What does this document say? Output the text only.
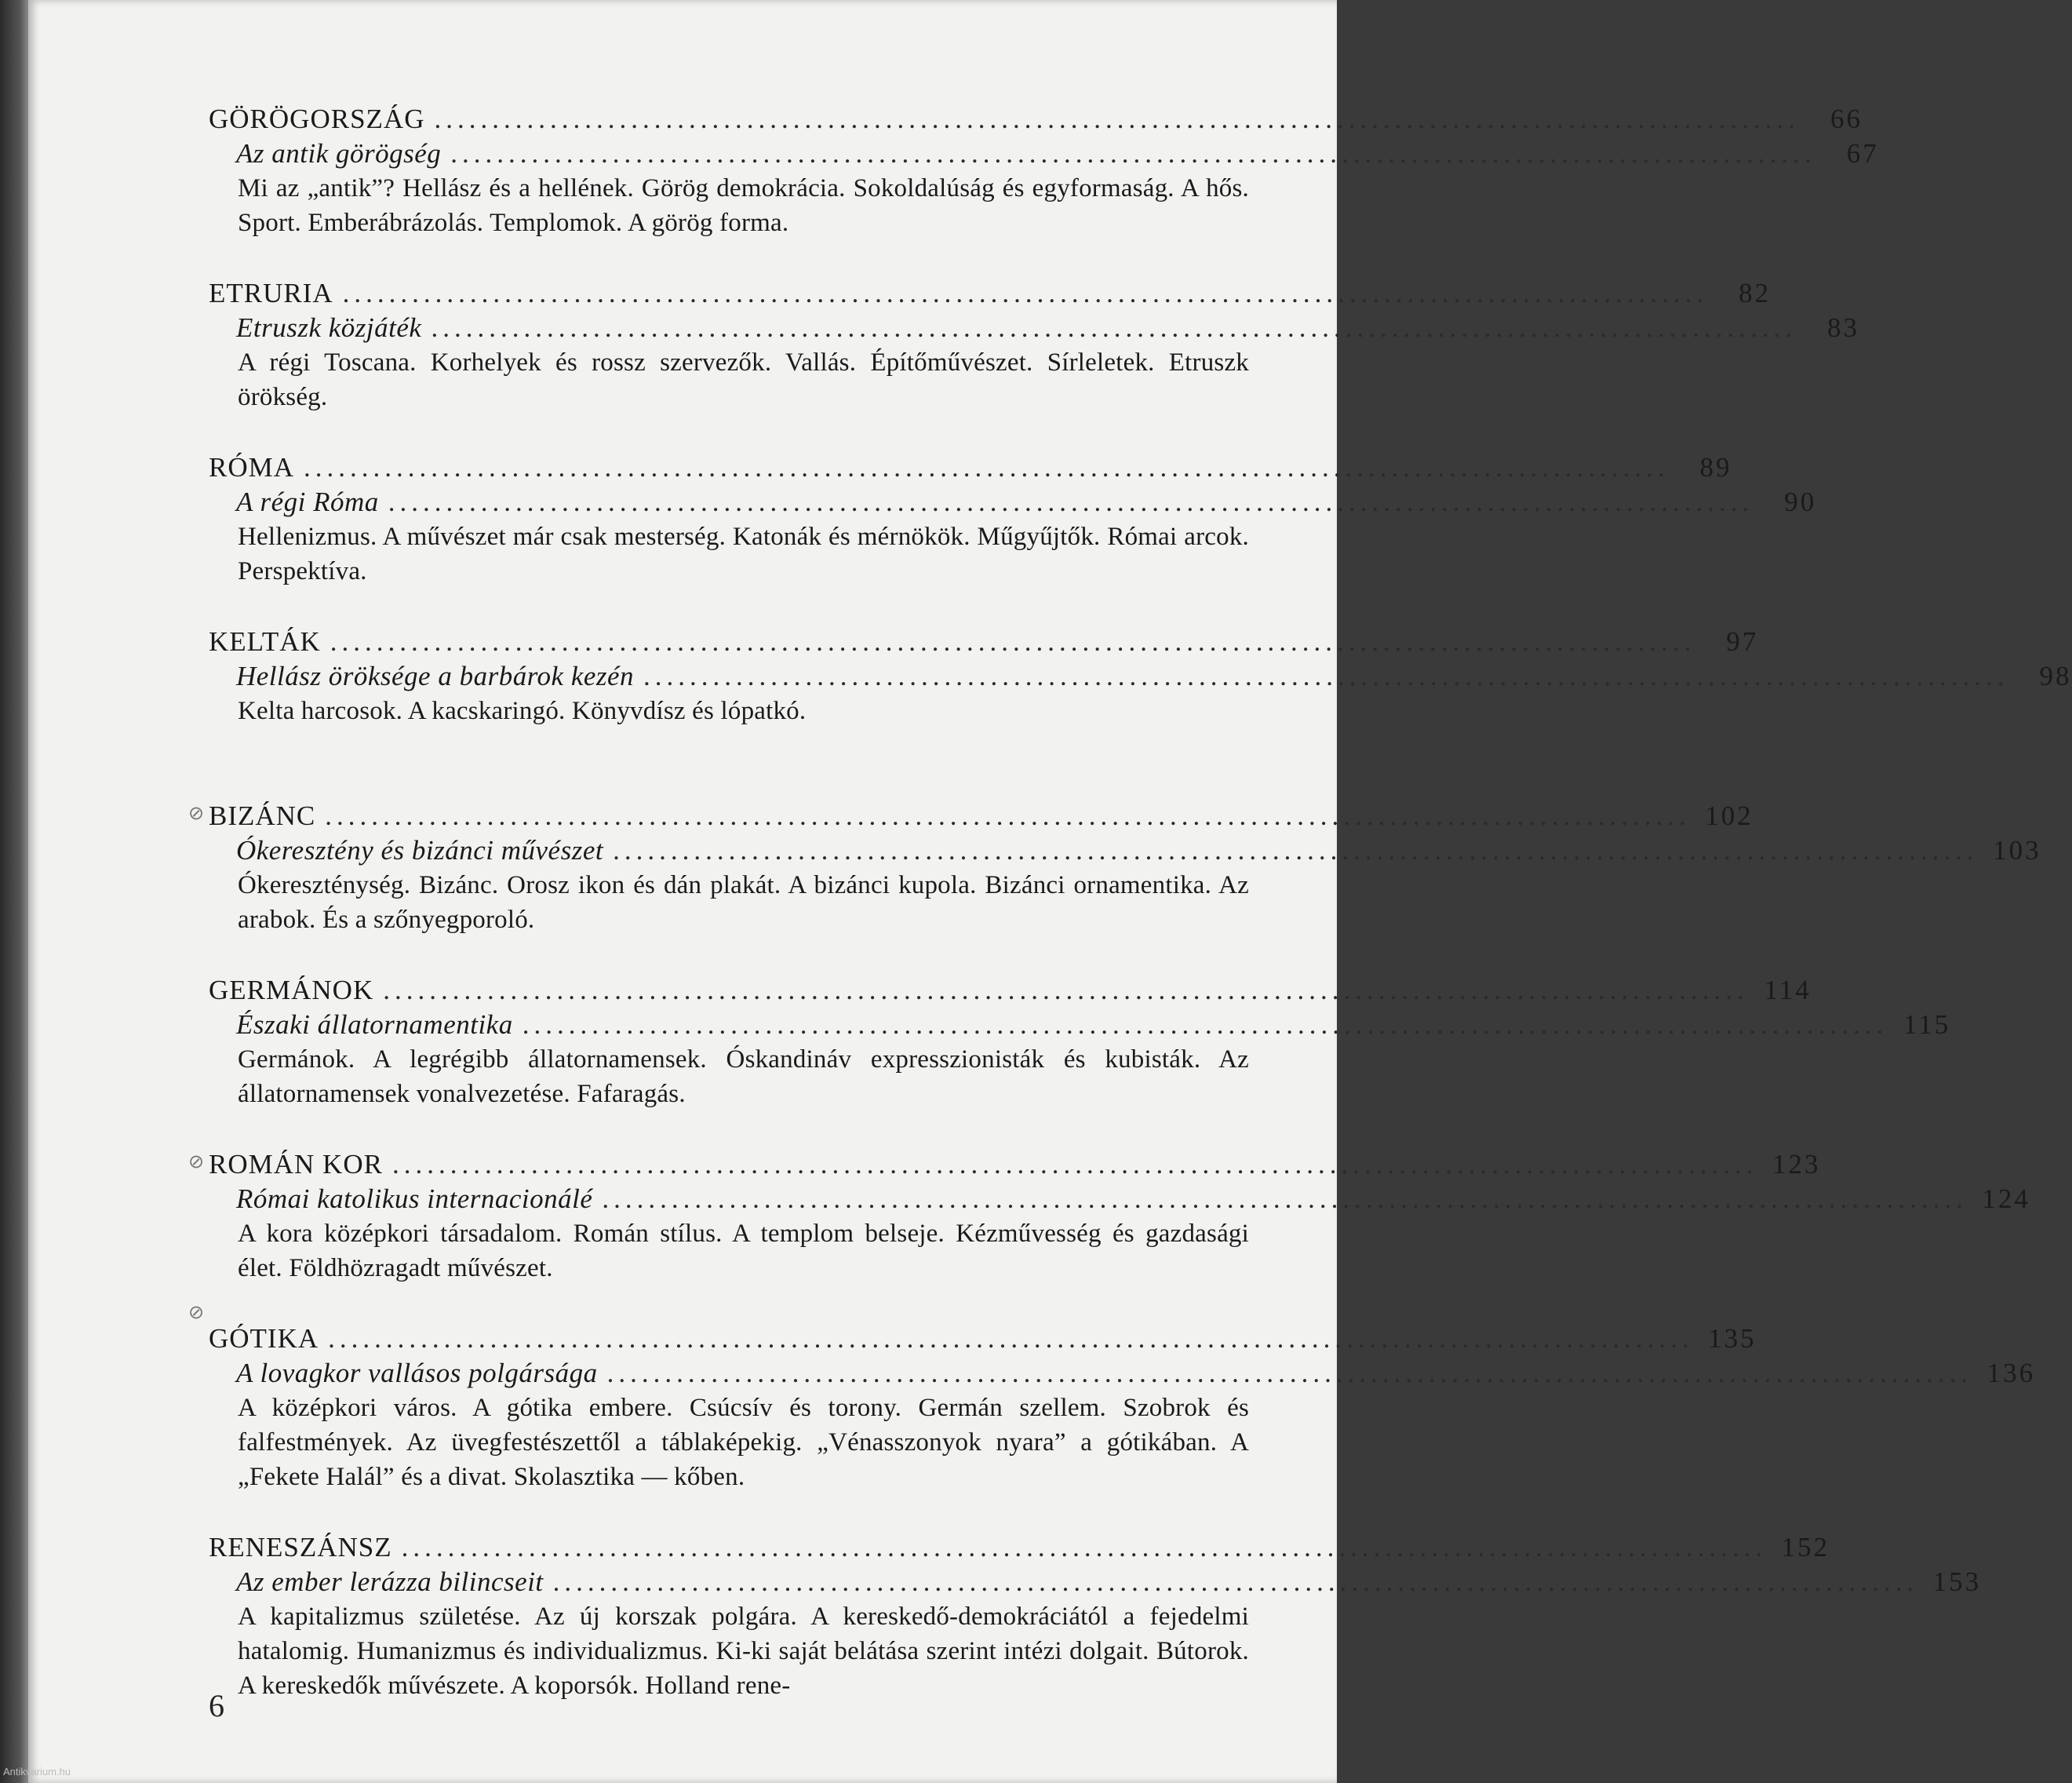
GÖRÖGORSZÁG ......................................................................................................................	66
Az antik görögség ......................................................................................................................	67
Mi az „antik”? Hellász és a hellének. Görög demokrácia. Sokoldalúság és egyformaság. A hős. Sport. Emberábrázolás. Templomok. A görög forma.
ETRURIA ......................................................................................................................	82
Etruszk közjáték ......................................................................................................................	83
A régi Toscana. Korhelyek és rossz szervezők. Vallás. Építőművészet. Sírleletek. Etruszk örökség.
RÓMA ......................................................................................................................	89
A régi Róma ......................................................................................................................	90
Hellenizmus. A művészet már csak mesterség. Katonák és mérnökök. Műgyűjtők. Római arcok. Perspektíva.
KELTÁK ......................................................................................................................	97
Hellász öröksége a barbárok kezén ......................................................................................................................	98
Kelta harcosok. A kacskaringó. Könyvdísz és lópatkó.
⊘ BIZÁNC ...................................................................................................................... 102
Ókeresztény és bizánci művészet ...................................................................................................................... 103
Ókereszténység. Bizánc. Orosz ikon és dán plakát. A bizánci kupola. Bizánci ornamentika. Az arabok. És a szőnyegporoló.
GERMÁNOK ...................................................................................................................... 114
Északi állatornamentika ...................................................................................................................... 115
Germánok. A legrégibb állatornamensek. Óskandináv expresszionisták és kubisták. Az állatornamensek vonalvezetése. Fafaragás.
⊘ ROMÁN KOR ...................................................................................................................... 123
Római katolikus internacionálé ...................................................................................................................... 124
A kora középkori társadalom. Román stílus. A templom belseje. Kézművesség és gazdasági élet. Földhözragadt művészet.
⊘
GÓTIKA ...................................................................................................................... 135
A lovagkor vallásos polgársága ...................................................................................................................... 136
A középkori város. A gótika embere. Csúcsív és torony. Germán szellem. Szobrok és falfestmények. Az üvegfestészettől a táblaképekig. „Vénasszonyok nyara” a gótikában. A „Fekete Halál” és a divat. Skolasztika — kőben.
RENESZÁNSZ ...................................................................................................................... 152
Az ember lerázza bilincseit ...................................................................................................................... 153
A kapitalizmus születése. Az új korszak polgára. A kereskedő-demokráciától a fejedelmi hatalomig. Humanizmus és individualizmus. Ki-ki saját belátása szerint intézi dolgait. Bútorok. A kereskedők művészete. A koporsók. Holland rene-
6
Antikvarium.hu
